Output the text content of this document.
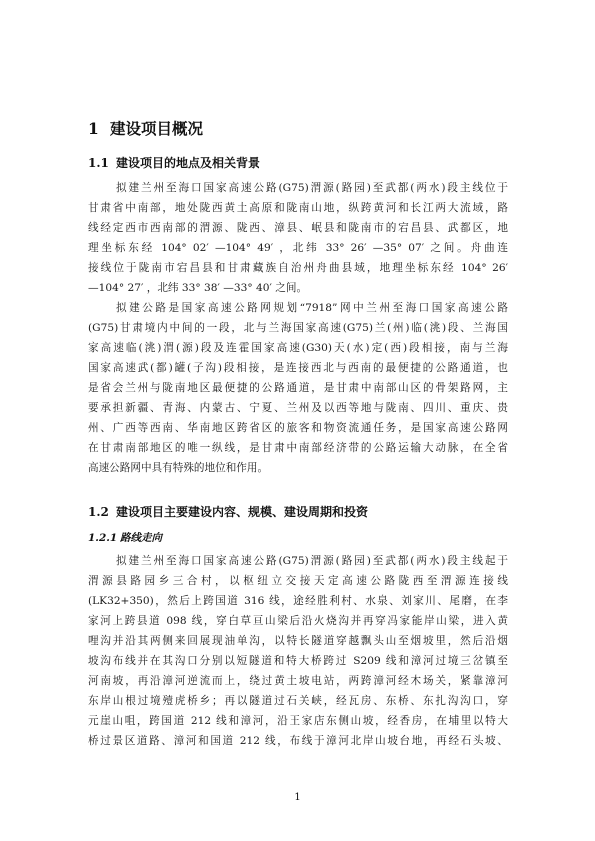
1 建设项目概况
1.1 建设项目的地点及相关背景
拟建兰州至海口国家高速公路(G75)渭源(路园)至武都(两水)段主线位于
甘肃省中南部，地处陇西黄土高原和陇南山地，纵跨黄河和长江两大流域，路
线经定西市西南部的渭源、陇西、漳县、岷县和陇南市的宕昌县、武都区，地
理坐标东经 104° 02′ —104° 49′ ，北纬 33° 26′ —35° 07′ 之间。舟曲连
接线位于陇南市宕昌县和甘肃藏族自治州舟曲县域，地理坐标东经 104° 26′
—104° 27′ ，北纬 33° 38′ —33° 40′ 之间。
拟建公路是国家高速公路网规划“7918”网中兰州至海口国家高速公路
(G75)甘肃境内中间的一段，北与兰海国家高速(G75)兰(州)临(洮)段、兰海国
家高速临(洮)渭(源)段及连霍国家高速(G30)天(水)定(西)段相接，南与兰海
国家高速武(都)罐(子沟)段相接，是连接西北与西南的最便捷的公路通道，也
是省会兰州与陇南地区最便捷的公路通道，是甘肃中南部山区的骨架路网，主
要承担新疆、青海、内蒙古、宁夏、兰州及以西等地与陇南、四川、重庆、贵
州、广西等西南、华南地区跨省区的旅客和物资流通任务，是国家高速公路网
在甘肃南部地区的唯一纵线，是甘肃中南部经济带的公路运输大动脉，在全省
高速公路网中具有特殊的地位和作用。
1.2 建设项目主要建设内容、规模、建设周期和投资
1.2.1 路线走向
拟建兰州至海口国家高速公路(G75)渭源(路园)至武都(两水)段主线起于
渭源县路园乡三合村，以枢纽立交接天定高速公路陇西至渭源连接线
(LK32+350)，然后上跨国道 316 线，途经胜利村、水泉、刘家川、尾磨，在李
家河上跨县道 098 线，穿白草亘山梁后沿火烧沟并再穿冯家能岸山梁，进入黄
哩沟并沿其两侧来回展现油单沟，以特长隧道穿越飘头山至烟坡里，然后沿烟
坡沟布线并在其沟口分别以短隧道和特大桥跨过 S209 线和漳河过境三岔镇至
河南坡，再沿漳河逆流而上，绕过黄土坡电站，两跨漳河经木场关，紧靠漳河
东岸山根过境殪虎桥乡；再以隧道过石关峡，经瓦房、东桥、东扎沟沟口，穿
元崖山咀，跨国道 212 线和漳河，沿王家店东侧山坡，经香房，在埔里以特大
桥过景区道路、漳河和国道 212 线，布线于漳河北岸山坡台地，再经石头坡、
1
